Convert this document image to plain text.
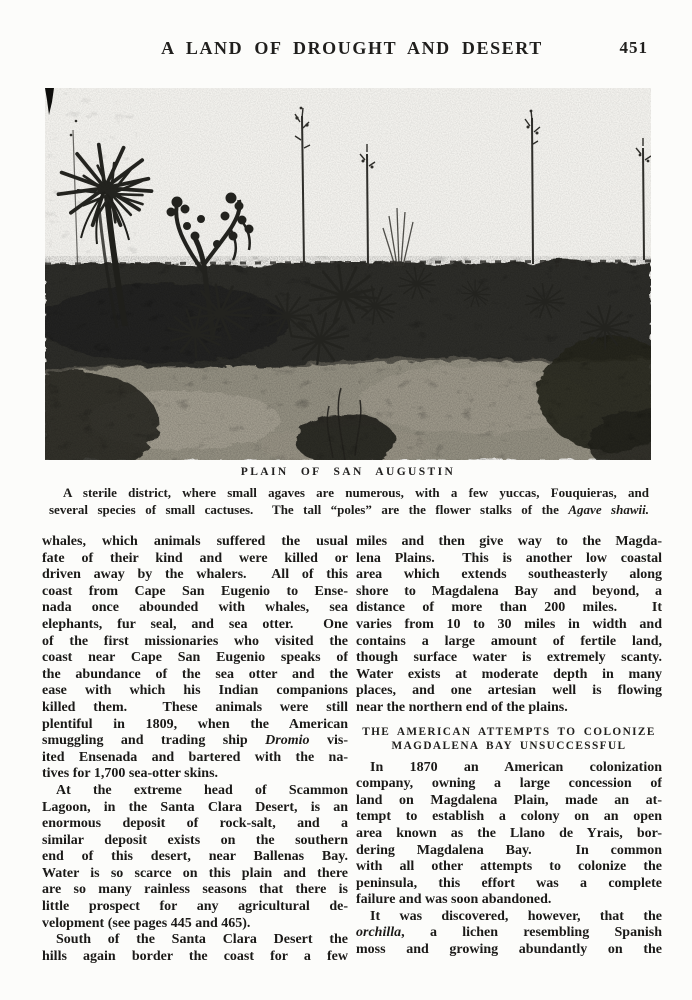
A LAND OF DROUGHT AND DESERT	451
PLAIN OF SAN AUGUSTIN
A sterile district, where small agaves are numerous, with a few yuccas, Fouquieras, and
several species of small cactuses.  The tall “poles” are the flower stalks of the Agave shawii.
whales, which animals suffered the usual
fate of their kind and were killed or
driven away by the whalers.  All of this
coast from Cape San Eugenio to Ense-
nada once abounded with whales, sea
elephants, fur seal, and sea otter.  One
of the first missionaries who visited the
coast near Cape San Eugenio speaks of
the abundance of the sea otter and the
ease with which his Indian companions
killed them.  These animals were still
plentiful in 1809, when the American
smuggling and trading ship Dromio vis-
ited Ensenada and bartered with the na-
tives for 1,700 sea-otter skins.
At the extreme head of Scammon
Lagoon, in the Santa Clara Desert, is an
enormous deposit of rock-salt, and a
similar deposit exists on the southern
end of this desert, near Ballenas Bay.
Water is so scarce on this plain and there
are so many rainless seasons that there is
little prospect for any agricultural de-
velopment (see pages 445 and 465).
South of the Santa Clara Desert the
hills again border the coast for a few
miles and then give way to the Magda-
lena Plains.  This is another low coastal
area which extends southeasterly along
shore to Magdalena Bay and beyond, a
distance of more than 200 miles.  It
varies from 10 to 30 miles in width and
contains a large amount of fertile land,
though surface water is extremely scanty.
Water exists at moderate depth in many
places, and one artesian well is flowing
near the northern end of the plains.
THE AMERICAN ATTEMPTS TO COLONIZE
MAGDALENA BAY UNSUCCESSFUL
In 1870 an American colonization
company, owning a large concession of
land on Magdalena Plain, made an at-
tempt to establish a colony on an open
area known as the Llano de Yrais, bor-
dering Magdalena Bay.  In common
with all other attempts to colonize the
peninsula, this effort was a complete
failure and was soon abandoned.
It was discovered, however, that the
orchilla, a lichen resembling Spanish
moss and growing abundantly on the
